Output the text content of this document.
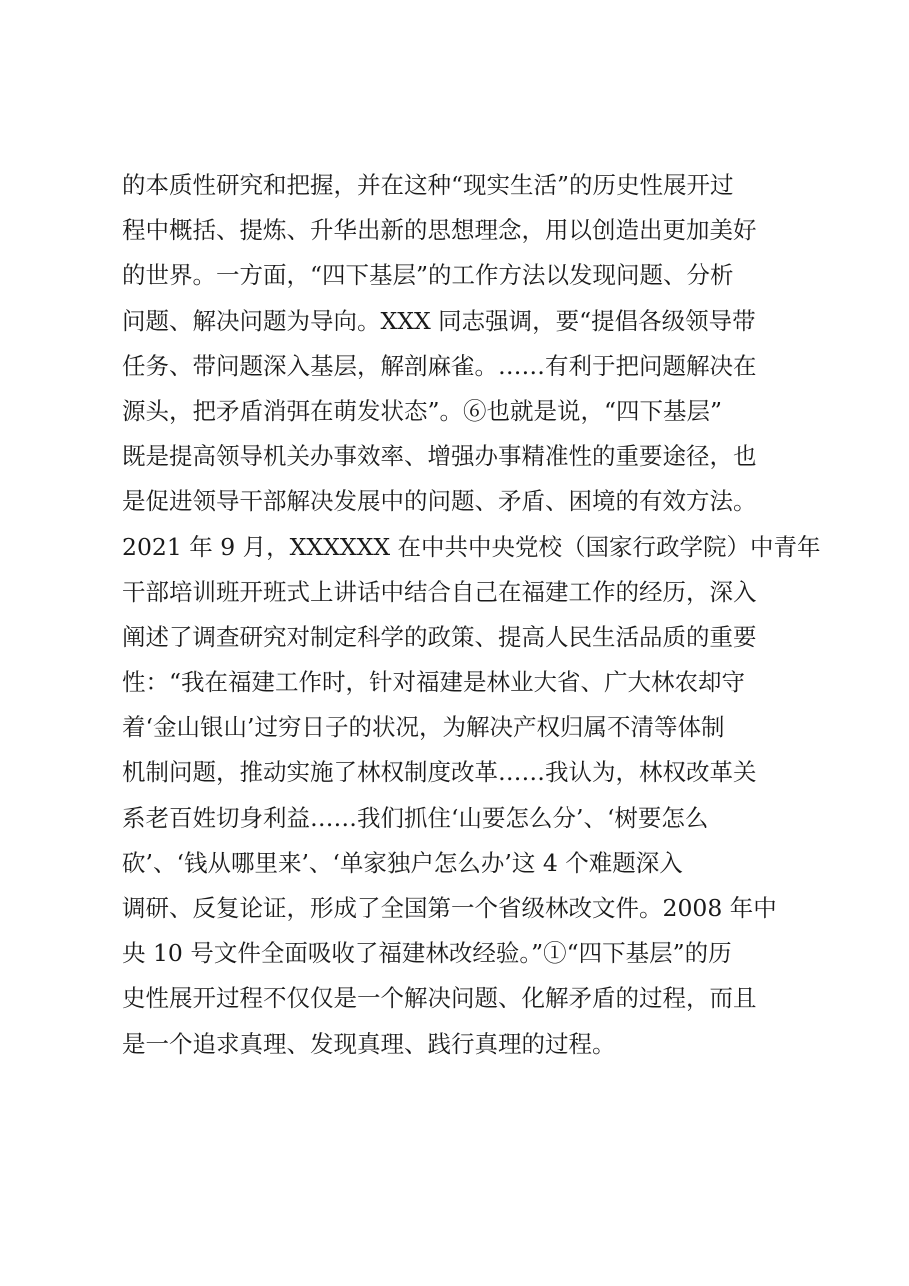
的本质性研究和把握，并在这种“现实生活”的历史性展开过
程中概括、提炼、升华出新的思想理念，用以创造出更加美好
的世界。一方面，“四下基层”的工作方法以发现问题、分析
问题、解决问题为导向。XXX 同志强调，要“提倡各级领导带
任务、带问题深入基层，解剖麻雀。……有利于把问题解决在
源头，把矛盾消弭在萌发状态”。⑥也就是说，“四下基层”
既是提高领导机关办事效率、增强办事精准性的重要途径，也
是促进领导干部解决发展中的问题、矛盾、困境的有效方法。
2021 年 9 月，XXXXXX 在中共中央党校（国家行政学院）中青年
干部培训班开班式上讲话中结合自己在福建工作的经历，深入
阐述了调查研究对制定科学的政策、提高人民生活品质的重要
性：“我在福建工作时，针对福建是林业大省、广大林农却守
着‘金山银山’过穷日子的状况，为解决产权归属不清等体制
机制问题，推动实施了林权制度改革……我认为，林权改革关
系老百姓切身利益……我们抓住‘山要怎么分’、‘树要怎么
砍’、‘钱从哪里来’、‘单家独户怎么办’这 4 个难题深入
调研、反复论证，形成了全国第一个省级林改文件。2008 年中
央 10 号文件全面吸收了福建林改经验。”①“四下基层”的历
史性展开过程不仅仅是一个解决问题、化解矛盾的过程，而且
是一个追求真理、发现真理、践行真理的过程。
